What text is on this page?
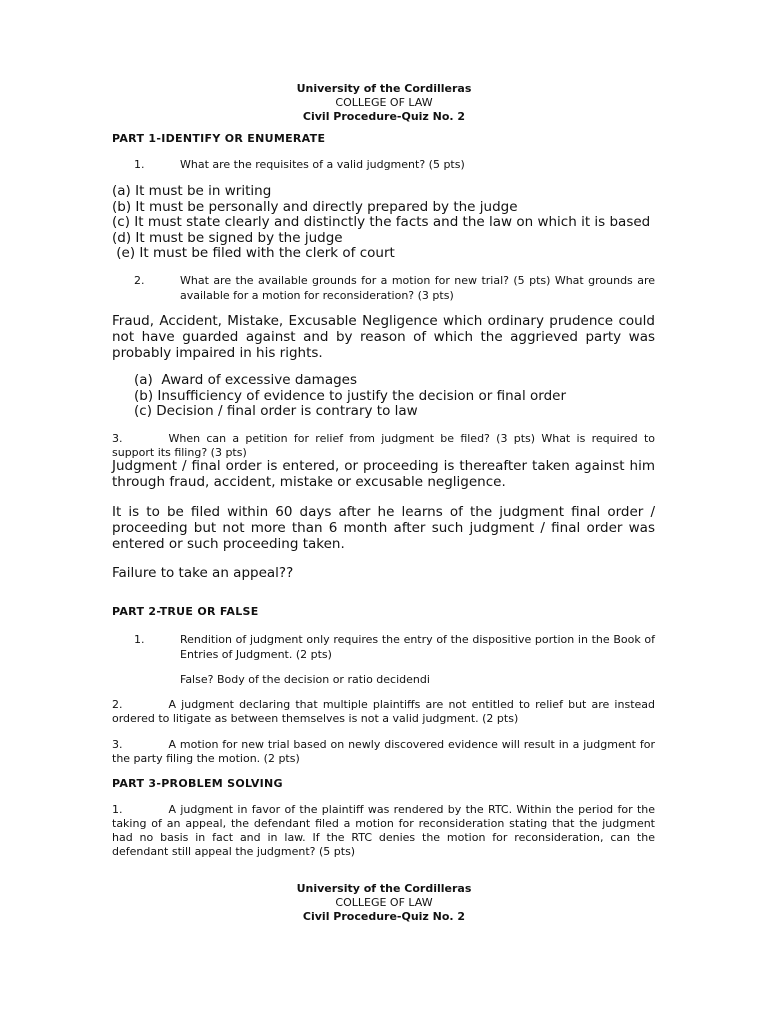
University of the Cordilleras
COLLEGE OF LAW
Civil Procedure-Quiz No. 2
PART 1-IDENTIFY OR ENUMERATE
1.	What are the requisites of a valid judgment? (5 pts)
(a) It must be in writing
(b) It must be personally and directly prepared by the judge
(c) It must state clearly and distinctly the facts and the law on which it is based
(d) It must be signed by the judge
(e) It must be filed with the clerk of court
2.	What are the available grounds for a motion for new trial? (5 pts) What grounds are available for a motion for reconsideration? (3 pts)
Fraud, Accident, Mistake, Excusable Negligence which ordinary prudence could not have guarded against and by reason of which the aggrieved party was probably impaired in his rights.
(a)  Award of excessive damages
(b) Insufficiency of evidence to justify the decision or final order
(c) Decision / final order is contrary to law
3.	When can a petition for relief from judgment be filed? (3 pts) What is required to support its filing? (3 pts)
Judgment / final order is entered, or proceeding is thereafter taken against him through fraud, accident, mistake or excusable negligence.
It is to be filed within 60 days after he learns of the judgment final order / proceeding but not more than 6 month after such judgment / final order was entered or such proceeding taken.
Failure to take an appeal??
PART 2-TRUE OR FALSE
1.	Rendition of judgment only requires the entry of the dispositive portion in the Book of Entries of Judgment. (2 pts)
False? Body of the decision or ratio decidendi
2.	A judgment declaring that multiple plaintiffs are not entitled to relief but are instead ordered to litigate as between themselves is not a valid judgment. (2 pts)
3.	A motion for new trial based on newly discovered evidence will result in a judgment for the party filing the motion. (2 pts)
PART 3-PROBLEM SOLVING
1.	A judgment in favor of the plaintiff was rendered by the RTC. Within the period for the taking of an appeal, the defendant filed a motion for reconsideration stating that the judgment had no basis in fact and in law. If the RTC denies the motion for reconsideration, can the defendant still appeal the judgment? (5 pts)
University of the Cordilleras
COLLEGE OF LAW
Civil Procedure-Quiz No. 2
